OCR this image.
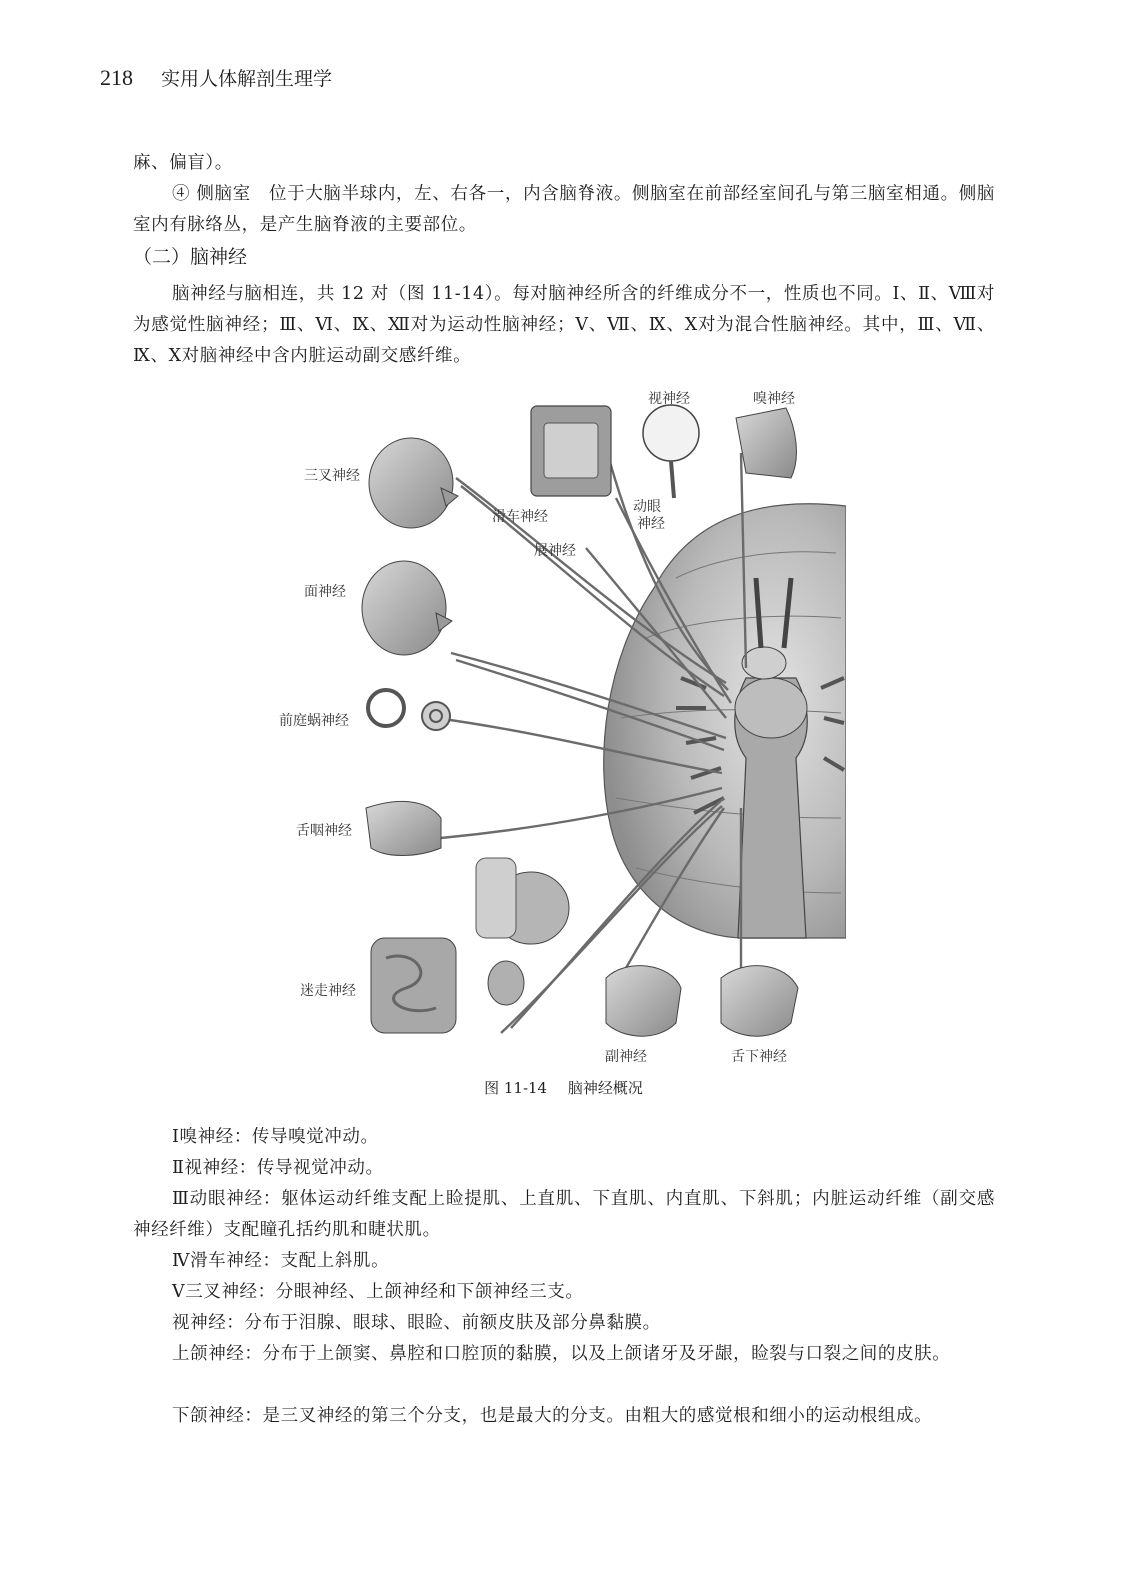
218 实用人体解剖生理学

麻、偏盲）。

④ 侧脑室　位于大脑半球内，左、右各一，内含脑脊液。侧脑室在前部经室间孔与第三脑室相通。侧脑室内有脉络丛，是产生脑脊液的主要部位。

（二）脑神经

脑神经与脑相连，共 12 对（图 11-14）。每对脑神经所含的纤维成分不一，性质也不同。Ⅰ、Ⅱ、Ⅷ对为感觉性脑神经；Ⅲ、Ⅵ、Ⅸ、Ⅻ对为运动性脑神经；Ⅴ、Ⅶ、Ⅸ、Ⅹ对为混合性脑神经。其中，Ⅲ、Ⅶ、Ⅸ、Ⅹ对脑神经中含内脏运动副交感纤维。

视神经	嗅神经
三叉神经
滑车神经
动眼
神经
展神经
面神经
前庭蜗神经
舌咽神经
迷走神经
副神经	舌下神经
图 11-14 脑神经概况

Ⅰ嗅神经：传导嗅觉冲动。

Ⅱ视神经：传导视觉冲动。

Ⅲ动眼神经：躯体运动纤维支配上睑提肌、上直肌、下直肌、内直肌、下斜肌；内脏运动纤维（副交感神经纤维）支配瞳孔括约肌和睫状肌。

Ⅳ滑车神经：支配上斜肌。

Ⅴ三叉神经：分眼神经、上颌神经和下颌神经三支。

视神经：分布于泪腺、眼球、眼睑、前额皮肤及部分鼻黏膜。

上颌神经：分布于上颌窦、鼻腔和口腔顶的黏膜，以及上颌诸牙及牙龈，睑裂与口裂之间的皮肤。

下颌神经：是三叉神经的第三个分支，也是最大的分支。由粗大的感觉根和细小的运动根组成。
